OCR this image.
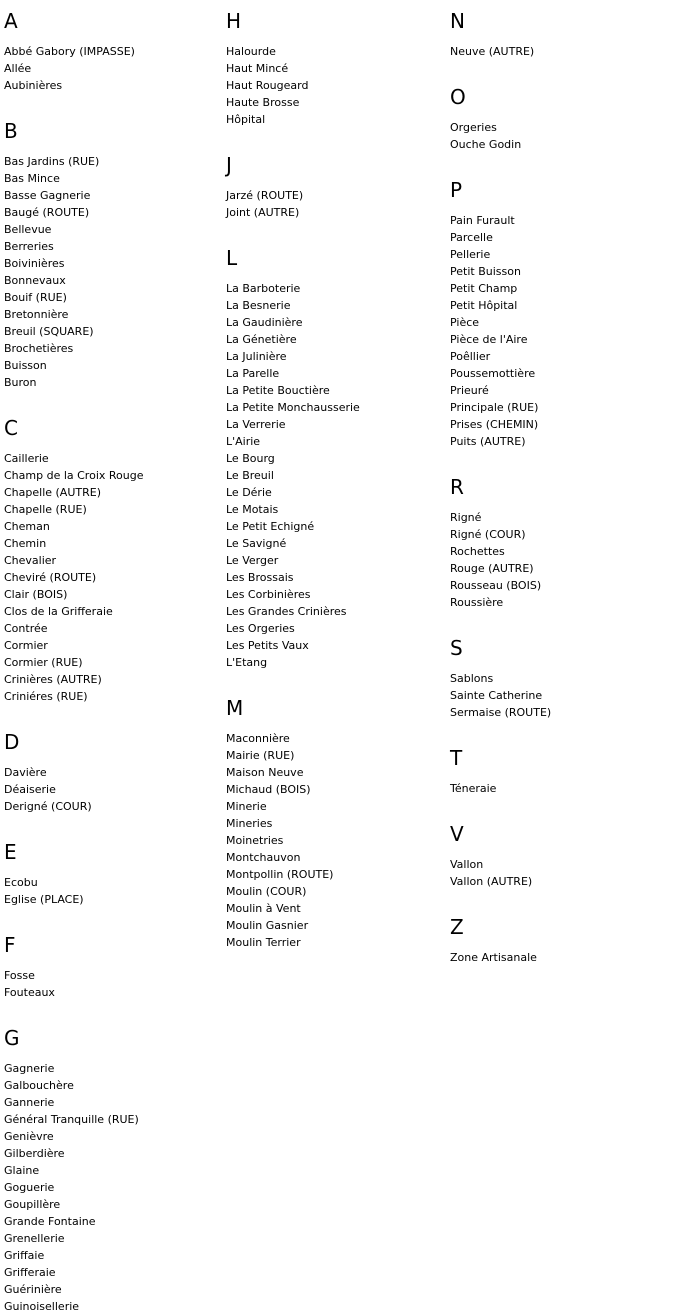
A
Abbé Gabory (IMPASSE)
Allée
Aubinières
B
Bas Jardins (RUE)
Bas Mince
Basse Gagnerie
Baugé (ROUTE)
Bellevue
Berreries
Boivinières
Bonnevaux
Bouif (RUE)
Bretonnière
Breuil (SQUARE)
Brochetières
Buisson
Buron
C
Caillerie
Champ de la Croix Rouge
Chapelle (AUTRE)
Chapelle (RUE)
Cheman
Chemin
Chevalier
Cheviré (ROUTE)
Clair (BOIS)
Clos de la Grifferaie
Contrée
Cormier
Cormier (RUE)
Crinières (AUTRE)
Criniéres (RUE)
D
Davière
Déaiserie
Derigné (COUR)
E
Ecobu
Eglise (PLACE)
F
Fosse
Fouteaux
G
Gagnerie
Galbouchère
Gannerie
Général Tranquille (RUE)
Genièvre
Gilberdière
Glaine
Goguerie
Goupillère
Grande Fontaine
Grenellerie
Griffaie
Grifferaie
Guérinière
Guinoisellerie
H
Halourde
Haut Mincé
Haut Rougeard
Haute Brosse
Hôpital
J
Jarzé (ROUTE)
Joint (AUTRE)
L
La Barboterie
La Besnerie
La Gaudinière
La Génetière
La Julinière
La Parelle
La Petite Bouctière
La Petite Monchausserie
La Verrerie
L'Airie
Le Bourg
Le Breuil
Le Dérie
Le Motais
Le Petit Echigné
Le Savigné
Le Verger
Les Brossais
Les Corbinières
Les Grandes Crinières
Les Orgeries
Les Petits Vaux
L'Etang
M
Maconnière
Mairie (RUE)
Maison Neuve
Michaud (BOIS)
Minerie
Mineries
Moinetries
Montchauvon
Montpollin (ROUTE)
Moulin (COUR)
Moulin à Vent
Moulin Gasnier
Moulin Terrier
N
Neuve (AUTRE)
O
Orgeries
Ouche Godin
P
Pain Furault
Parcelle
Pellerie
Petit Buisson
Petit Champ
Petit Hôpital
Pièce
Pièce de l'Aire
Poêllier
Poussemottière
Prieuré
Principale (RUE)
Prises (CHEMIN)
Puits (AUTRE)
R
Rigné
Rigné (COUR)
Rochettes
Rouge (AUTRE)
Rousseau (BOIS)
Roussière
S
Sablons
Sainte Catherine
Sermaise (ROUTE)
T
Téneraie
V
Vallon
Vallon (AUTRE)
Z
Zone Artisanale
